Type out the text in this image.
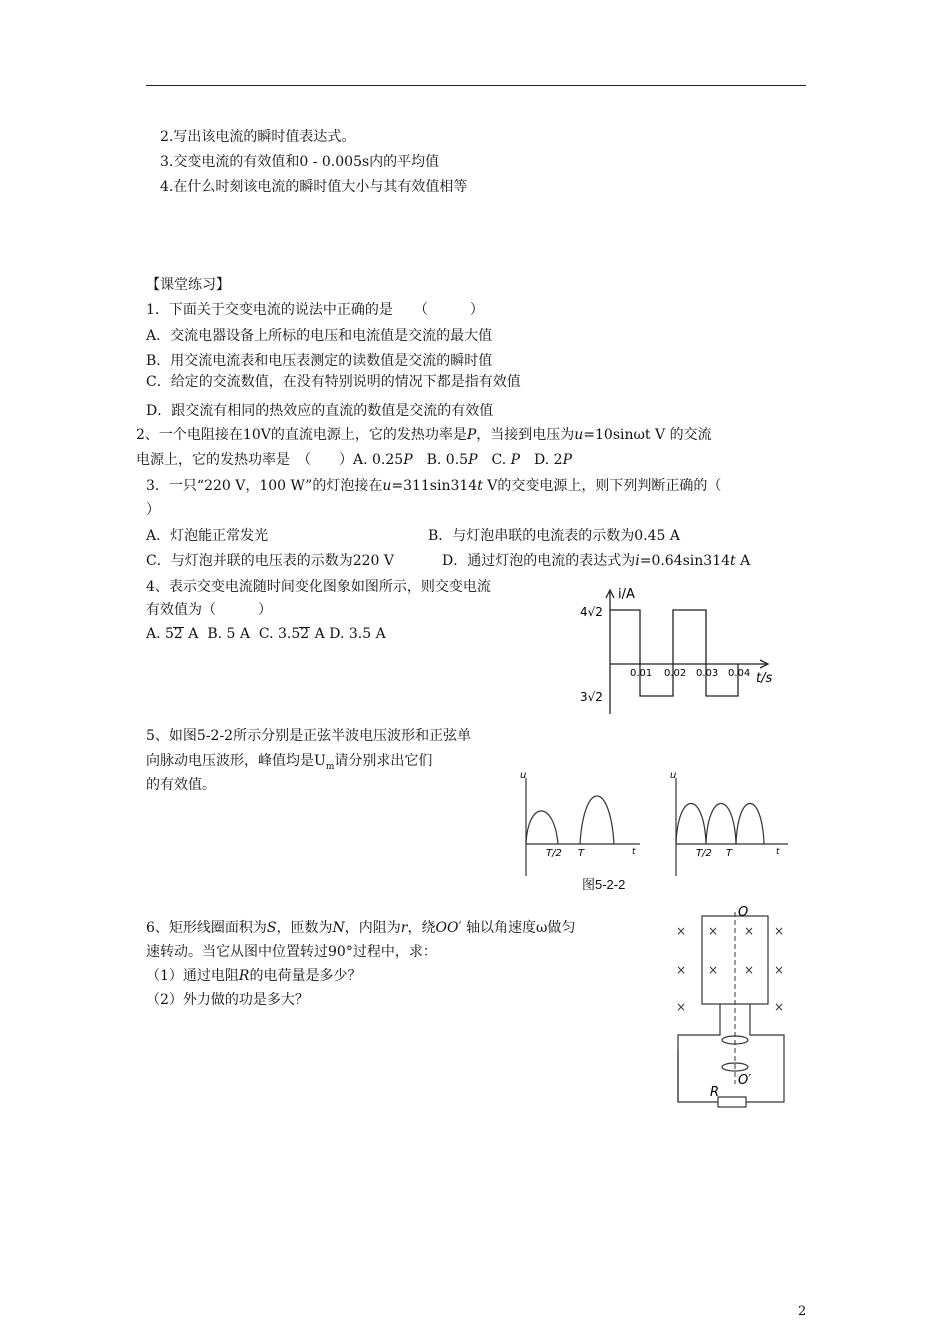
2.写出该电流的瞬时值表达式。
3.交变电流的有效值和0 - 0.005s内的平均值
4.在什么时刻该电流的瞬时值大小与其有效值相等
【课堂练习】
1．下面关于交变电流的说法中正确的是　　（　　　）
A．交流电器设备上所标的电压和电流值是交流的最大值
B．用交流电流表和电压表测定的读数值是交流的瞬时值
C．给定的交流数值，在没有特别说明的情况下都是指有效值
D．跟交流有相同的热效应的直流的数值是交流的有效值
2、一个电阻接在10V的直流电源上，它的发热功率是P，当接到电压为u=10sinωt V 的交流
电源上，它的发热功率是　（　　）A. 0.25P　B. 0.5P　C. P　D. 2P
3．一只“220 V，100 W”的灯泡接在u=311sin314t V的交变电源上，则下列判断正确的（
）
A．灯泡能正常发光	B．与灯泡串联的电流表的示数为0.45 A
C．与灯泡并联的电压表的示数为220 V	D．通过灯泡的电流的表达式为i=0.64sin314t A
4、表示交变电流随时间变化图象如图所示，则交变电流
有效值为（　　　）
A. 52 A B. 5 A C. 3.52 A D. 3.5 A
i/A
4√2
3√2
0.01 0.02 0.03 0.04 t/s
5、如图5-2-2所示分别是正弦半波电压波形和正弦单
向脉动电压波形，峰值均是$U_m$请分别求出它们
的有效值。
u
T/2 T	t
u
T/2 T	t
图5-2-2
6、矩形线圈面积为S，匝数为N，内阻为r，绕OO′ 轴以角速度ω做匀
速转动。当它从图中位置转过90°过程中，求：
（1）通过电阻R的电荷量是多少？
（2）外力做的功是多大？
× × × ×
× × × ×
×	×
O
O′
R
2
